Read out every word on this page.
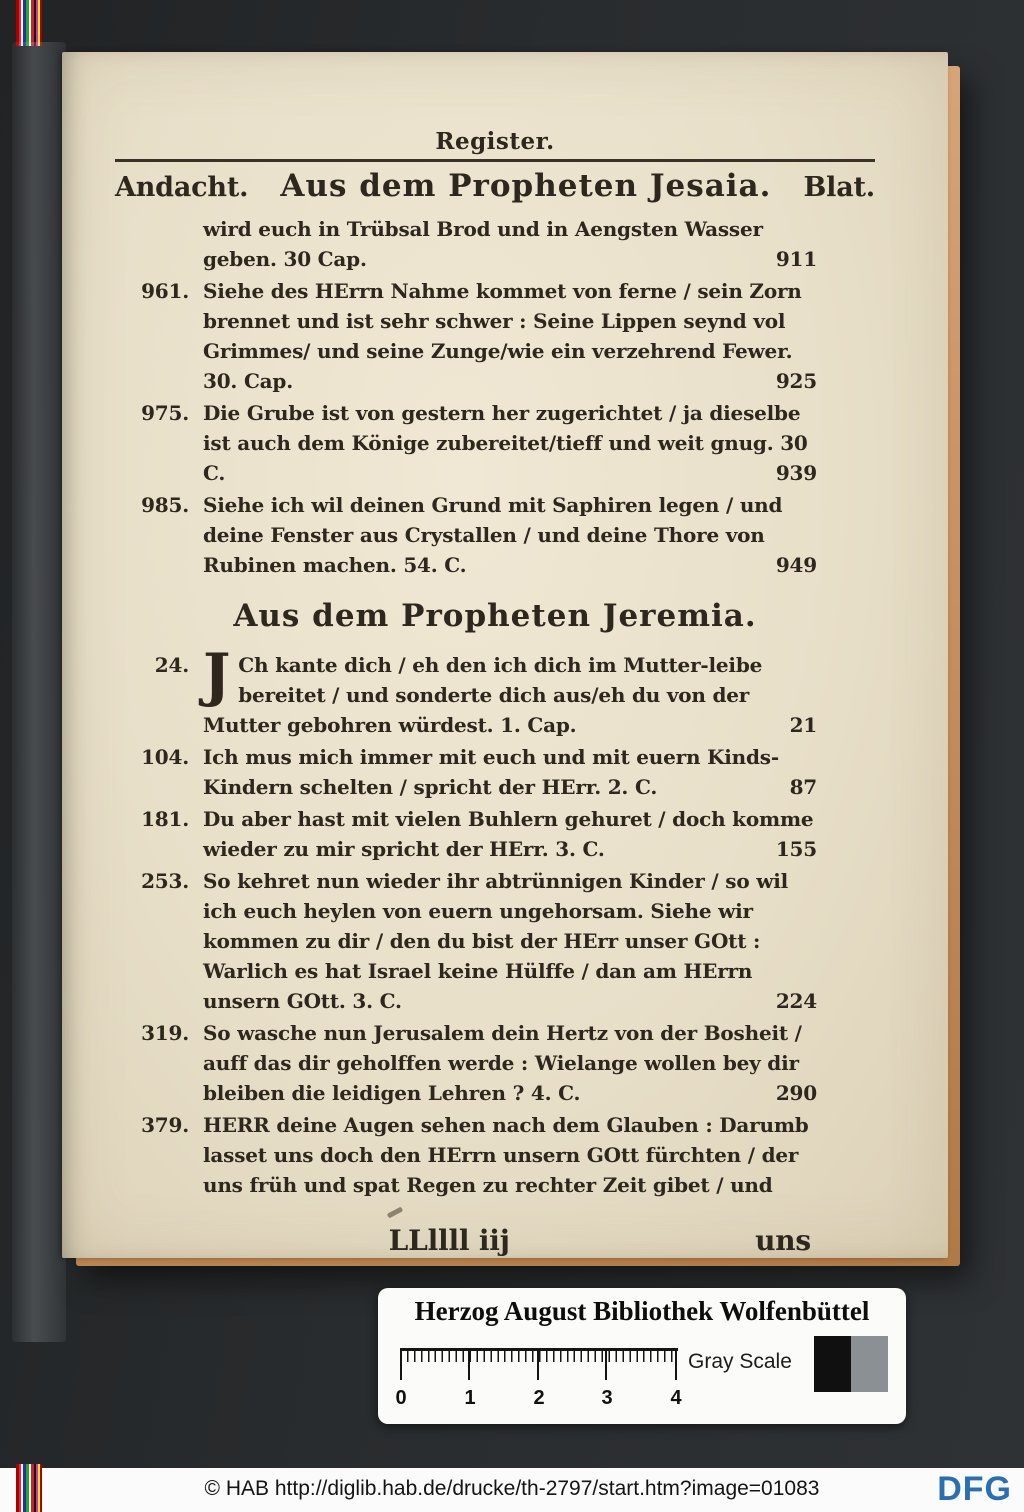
Register.
Andacht. Aus dem Propheten Jesaia. Blat.
wird euch in Trübsal Brod und in Aengsten Wasser geben. 30 Cap.	911
961. Siehe des HErrn Nahme kommet von ferne / sein Zorn brennet und ist sehr schwer : Seine Lippen seynd vol Grimmes/ und seine Zunge/wie ein verzehrend Fewer. 30. Cap.	925
975. Die Grube ist von gestern her zugerichtet / ja dieselbe ist auch dem Könige zubereitet/tieff und weit gnug. 30 C.	939
985. Siehe ich wil deinen Grund mit Saphiren legen / und deine Fenster aus Crystallen / und deine Thore von Rubinen machen. 54. C.	949
Aus dem Propheten Jeremia.
24. J Ch kante dich / eh den ich dich im Mutter-leibe bereitet / und sonderte dich aus/eh du von der Mutter gebohren würdest. 1. Cap.	21
104. Ich mus mich immer mit euch und mit euern Kinds-Kindern schelten / spricht der HErr. 2. C.	87
181. Du aber hast mit vielen Buhlern gehuret / doch komme wieder zu mir spricht der HErr. 3. C.	155
253. So kehret nun wieder ihr abtrünnigen Kinder / so wil ich euch heylen von euern ungehorsam. Siehe wir kommen zu dir / den du bist der HErr unser GOtt : Warlich es hat Israel keine Hülffe / dan am HErrn unsern GOtt. 3. C.	224
319. So wasche nun Jerusalem dein Hertz von der Bosheit / auff das dir geholffen werde : Wielange wollen bey dir bleiben die leidigen Lehren ? 4. C.	290
379. HERR deine Augen sehen nach dem Glauben : Darumb lasset uns doch den HErrn unsern GOtt fürchten / der uns früh und spat Regen zu rechter Zeit gibet / und
LLllll iij	uns
Herzog August Bibliothek Wolfenbüttel
0	1	2	3	4
Gray Scale
© HAB http://diglib.hab.de/drucke/th-2797/start.htm?image=01083	DFG
